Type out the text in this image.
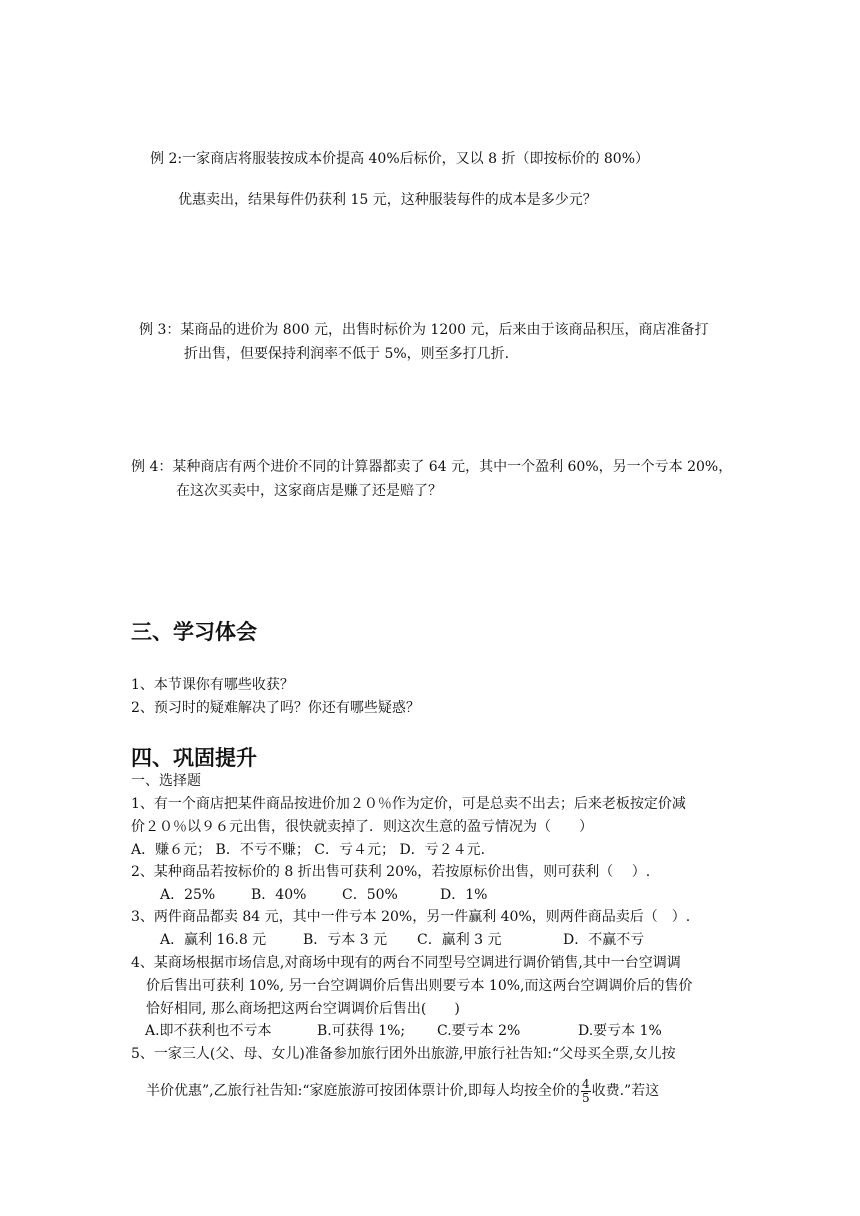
例 2:一家商店将服装按成本价提高 40%后标价，又以 8 折（即按标价的 80%）
优惠卖出，结果每件仍获利 15 元，这种服装每件的成本是多少元？
例 3：某商品的进价为 800 元，出售时标价为 1200 元，后来由于该商品积压，商店准备打
折出售，但要保持利润率不低于 5%，则至多打几折.
例 4：某种商店有两个进价不同的计算器都卖了 64 元，其中一个盈利 60%，另一个亏本 20%，
在这次买卖中，这家商店是赚了还是赔了？
三、学习体会
1、本节课你有哪些收获？
2、预习时的疑难解决了吗？你还有哪些疑惑？
四、巩固提升
一、选择题
1、有一个商店把某件商品按进价加２０％作为定价，可是总卖不出去；后来老板按定价减
价２０％以９６元出售，很快就卖掉了．则这次生意的盈亏情况为（　　）
A．赚６元； B．不亏不赚； C．亏４元； D．亏２４元．
2、某种商品若按标价的 8 折出售可获利 20%，若按原标价出售，则可获利（　 ）.
A．25%	B．40%	C．50%	D．1%
3、两件商品都卖 84 元，其中一件亏本 20%，另一件赢利 40%，则两件商品卖后（　）.
A．赢利 16.8 元	B．亏本 3 元 C．赢利 3 元	D．不赢不亏
4、某商场根据市场信息,对商场中现有的两台不同型号空调进行调价销售,其中一台空调调
价后售出可获利 10%, 另一台空调调价后售出则要亏本 10%,而这两台空调调价后的售价
恰好相同, 那么商场把这两台空调调价后售出(　　)
A.即不获利也不亏本	B.可获得 1%; C.要亏本 2%	D.要亏本 1%
5、一家三人(父、母、女儿)准备参加旅行团外出旅游,甲旅行社告知:“父母买全票,女儿按
半价优惠”,乙旅行社告知:“家庭旅游可按团体票计价,即每人均按全价的 $\frac{4}{5}$ 收费.”若这
